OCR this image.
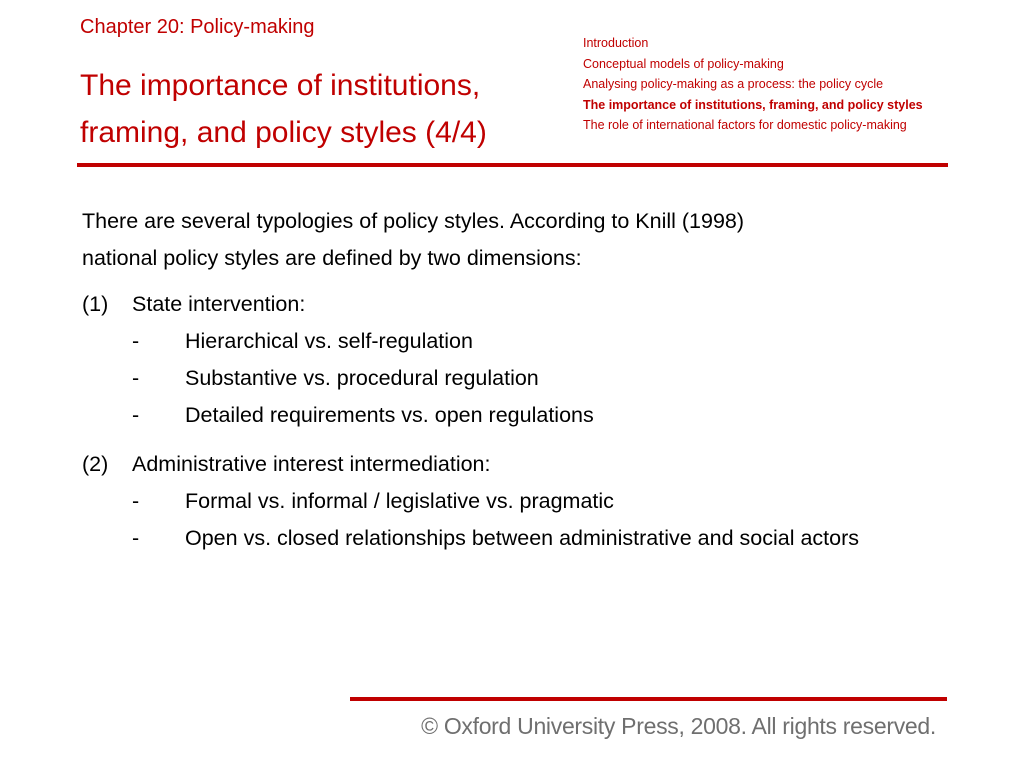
Chapter 20: Policy-making
The importance of institutions,
framing, and policy styles (4/4)
Introduction
Conceptual models of policy-making
Analysing policy-making as a process: the policy cycle
The importance of institutions, framing, and policy styles
The role of international factors for domestic policy-making
There are several typologies of policy styles. According to Knill (1998)
national policy styles are defined by two dimensions:
(1)	State intervention:
-	Hierarchical vs. self-regulation
-	Substantive vs. procedural regulation
-	Detailed requirements vs. open regulations
(2)	Administrative interest intermediation:
-	Formal vs. informal / legislative vs. pragmatic
-	Open vs. closed relationships between administrative and social actors
© Oxford University Press, 2008. All rights reserved.
